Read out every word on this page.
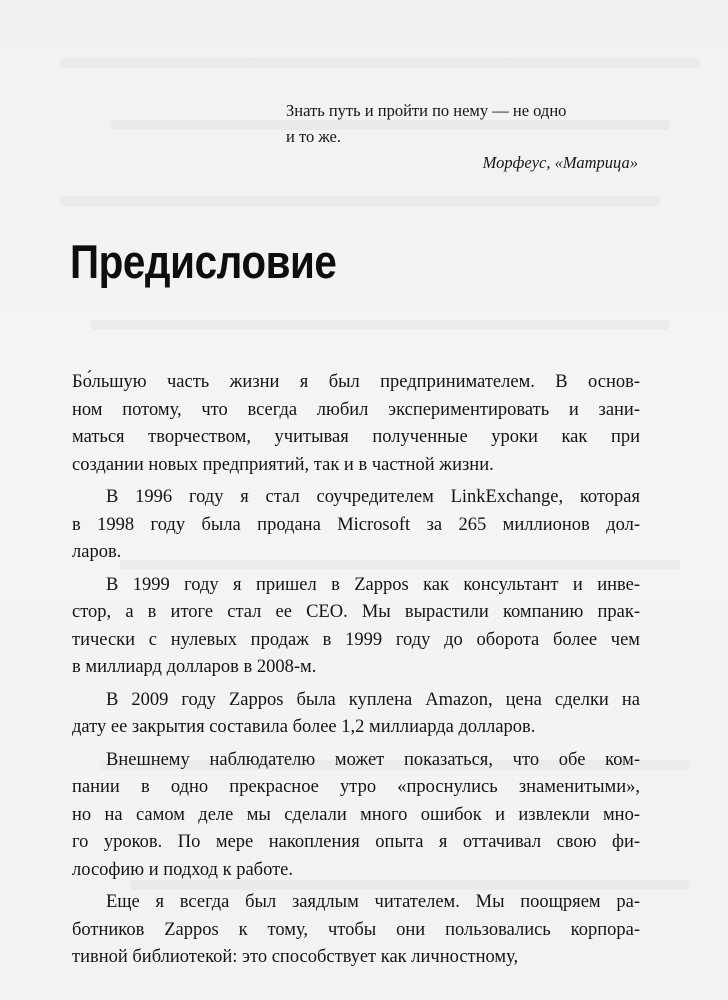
Знать путь и пройти по нему — не одно
и то же.
Морфеус, «Матрица»
Предисловие

Бо́льшую часть жизни я был предпринимателем. В основ-
ном потому, что всегда любил экспериментировать и зани-
маться творчеством, учитывая полученные уроки как при
создании новых предприятий, так и в частной жизни.

В 1996 году я стал соучредителем LinkExchange, которая
в 1998 году была продана Microsoft за 265 миллионов дол-
ларов.

В 1999 году я пришел в Zappos как консультант и инве-
стор, а в итоге стал ее CEO. Мы вырастили компанию прак-
тически с нулевых продаж в 1999 году до оборота более чем
в миллиард долларов в 2008-м.

В 2009 году Zappos была куплена Amazon, цена сделки на
дату ее закрытия составила более 1,2 миллиарда долларов.

Внешнему наблюдателю может показаться, что обе ком-
пании в одно прекрасное утро «проснулись знаменитыми»,
но на самом деле мы сделали много ошибок и извлекли мно-
го уроков. По мере накопления опыта я оттачивал свою фи-
лософию и подход к работе.

Еще я всегда был заядлым читателем. Мы поощряем ра-
ботников Zappos к тому, чтобы они пользовались корпора-
тивной библиотекой: это способствует как личностному,
